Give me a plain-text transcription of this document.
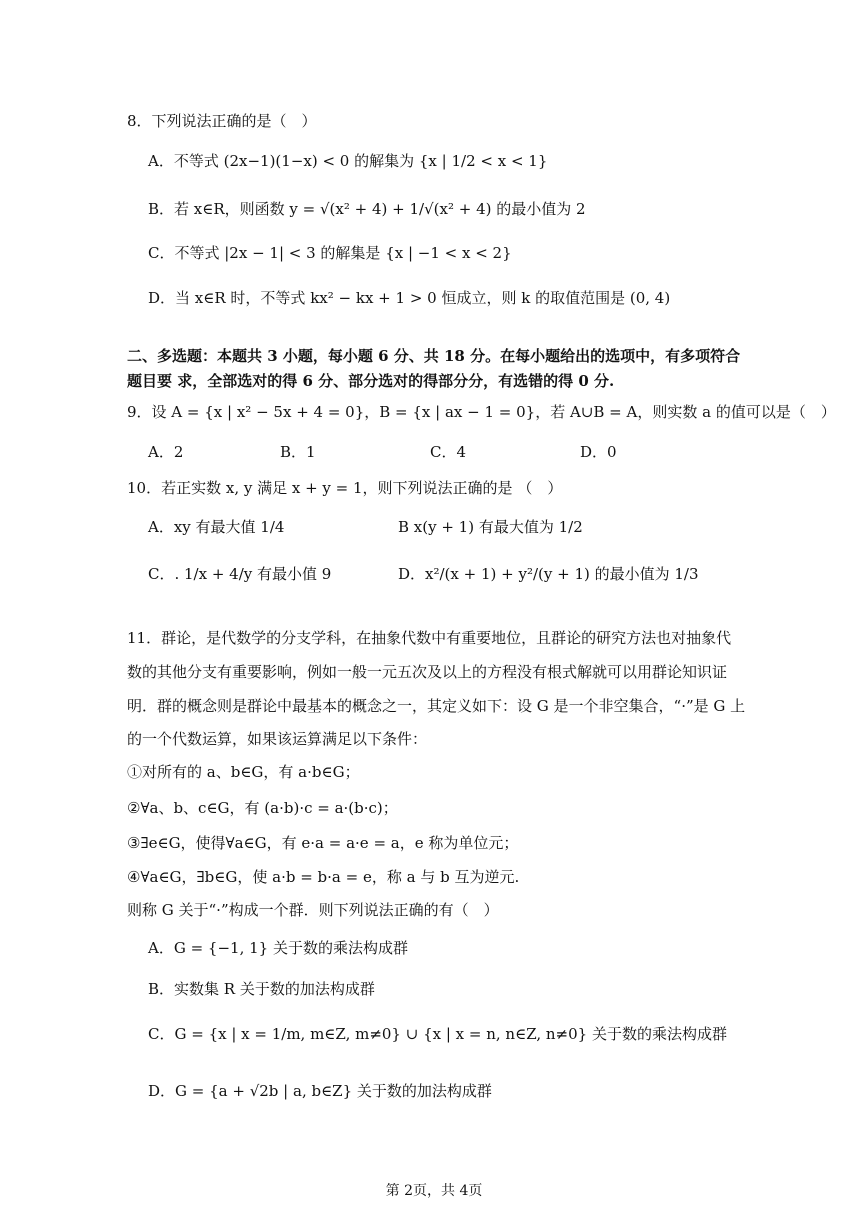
8．下列说法正确的是（　）
A．不等式 (2x−1)(1−x) < 0 的解集为 {x | 1/2 < x < 1}
B．若 x∈R，则函数 y = √(x² + 4) + 1/√(x² + 4) 的最小值为 2
C．不等式 |2x − 1| < 3 的解集是 {x | −1 < x < 2}
D．当 x∈R 时，不等式 kx² − kx + 1 > 0 恒成立，则 k 的取值范围是 (0, 4)
二、多选题：本题共 3 小题，每小题 6 分、共 18 分。在每小题给出的选项中，有多项符合
题目要 求，全部选对的得 6 分、部分选对的得部分分，有选错的得 0 分.
9．设 A = {x | x² − 5x + 4 = 0}，B = {x | ax − 1 = 0}，若 A∪B = A，则实数 a 的值可以是（　）
A．2	B．1	C．4	D．0
10．若正实数 x, y 满足 x + y = 1，则下列说法正确的是 （　）
A．xy 有最大值 1/4	B x(y + 1) 有最大值为 1/2
C．. 1/x + 4/y 有最小值 9	D．x²/(x + 1) + y²/(y + 1) 的最小值为 1/3
11．群论，是代数学的分支学科，在抽象代数中有重要地位，且群论的研究方法也对抽象代
数的其他分支有重要影响，例如一般一元五次及以上的方程没有根式解就可以用群论知识证
明．群的概念则是群论中最基本的概念之一，其定义如下：设 G 是一个非空集合，“·”是 G 上
的一个代数运算，如果该运算满足以下条件：
①对所有的 a、b∈G，有 a·b∈G；
②∀a、b、c∈G，有 (a·b)·c = a·(b·c)；
③∃e∈G，使得∀a∈G，有 e·a = a·e = a，e 称为单位元；
④∀a∈G，∃b∈G，使 a·b = b·a = e，称 a 与 b 互为逆元.
则称 G 关于“·”构成一个群．则下列说法正确的有（　）
A．G = {−1, 1} 关于数的乘法构成群
B．实数集 R 关于数的加法构成群
C．G = {x | x = 1/m, m∈Z, m≠0} ∪ {x | x = n, n∈Z, n≠0} 关于数的乘法构成群
D．G = {a + √2b | a, b∈Z} 关于数的加法构成群
第 2页，共 4页
